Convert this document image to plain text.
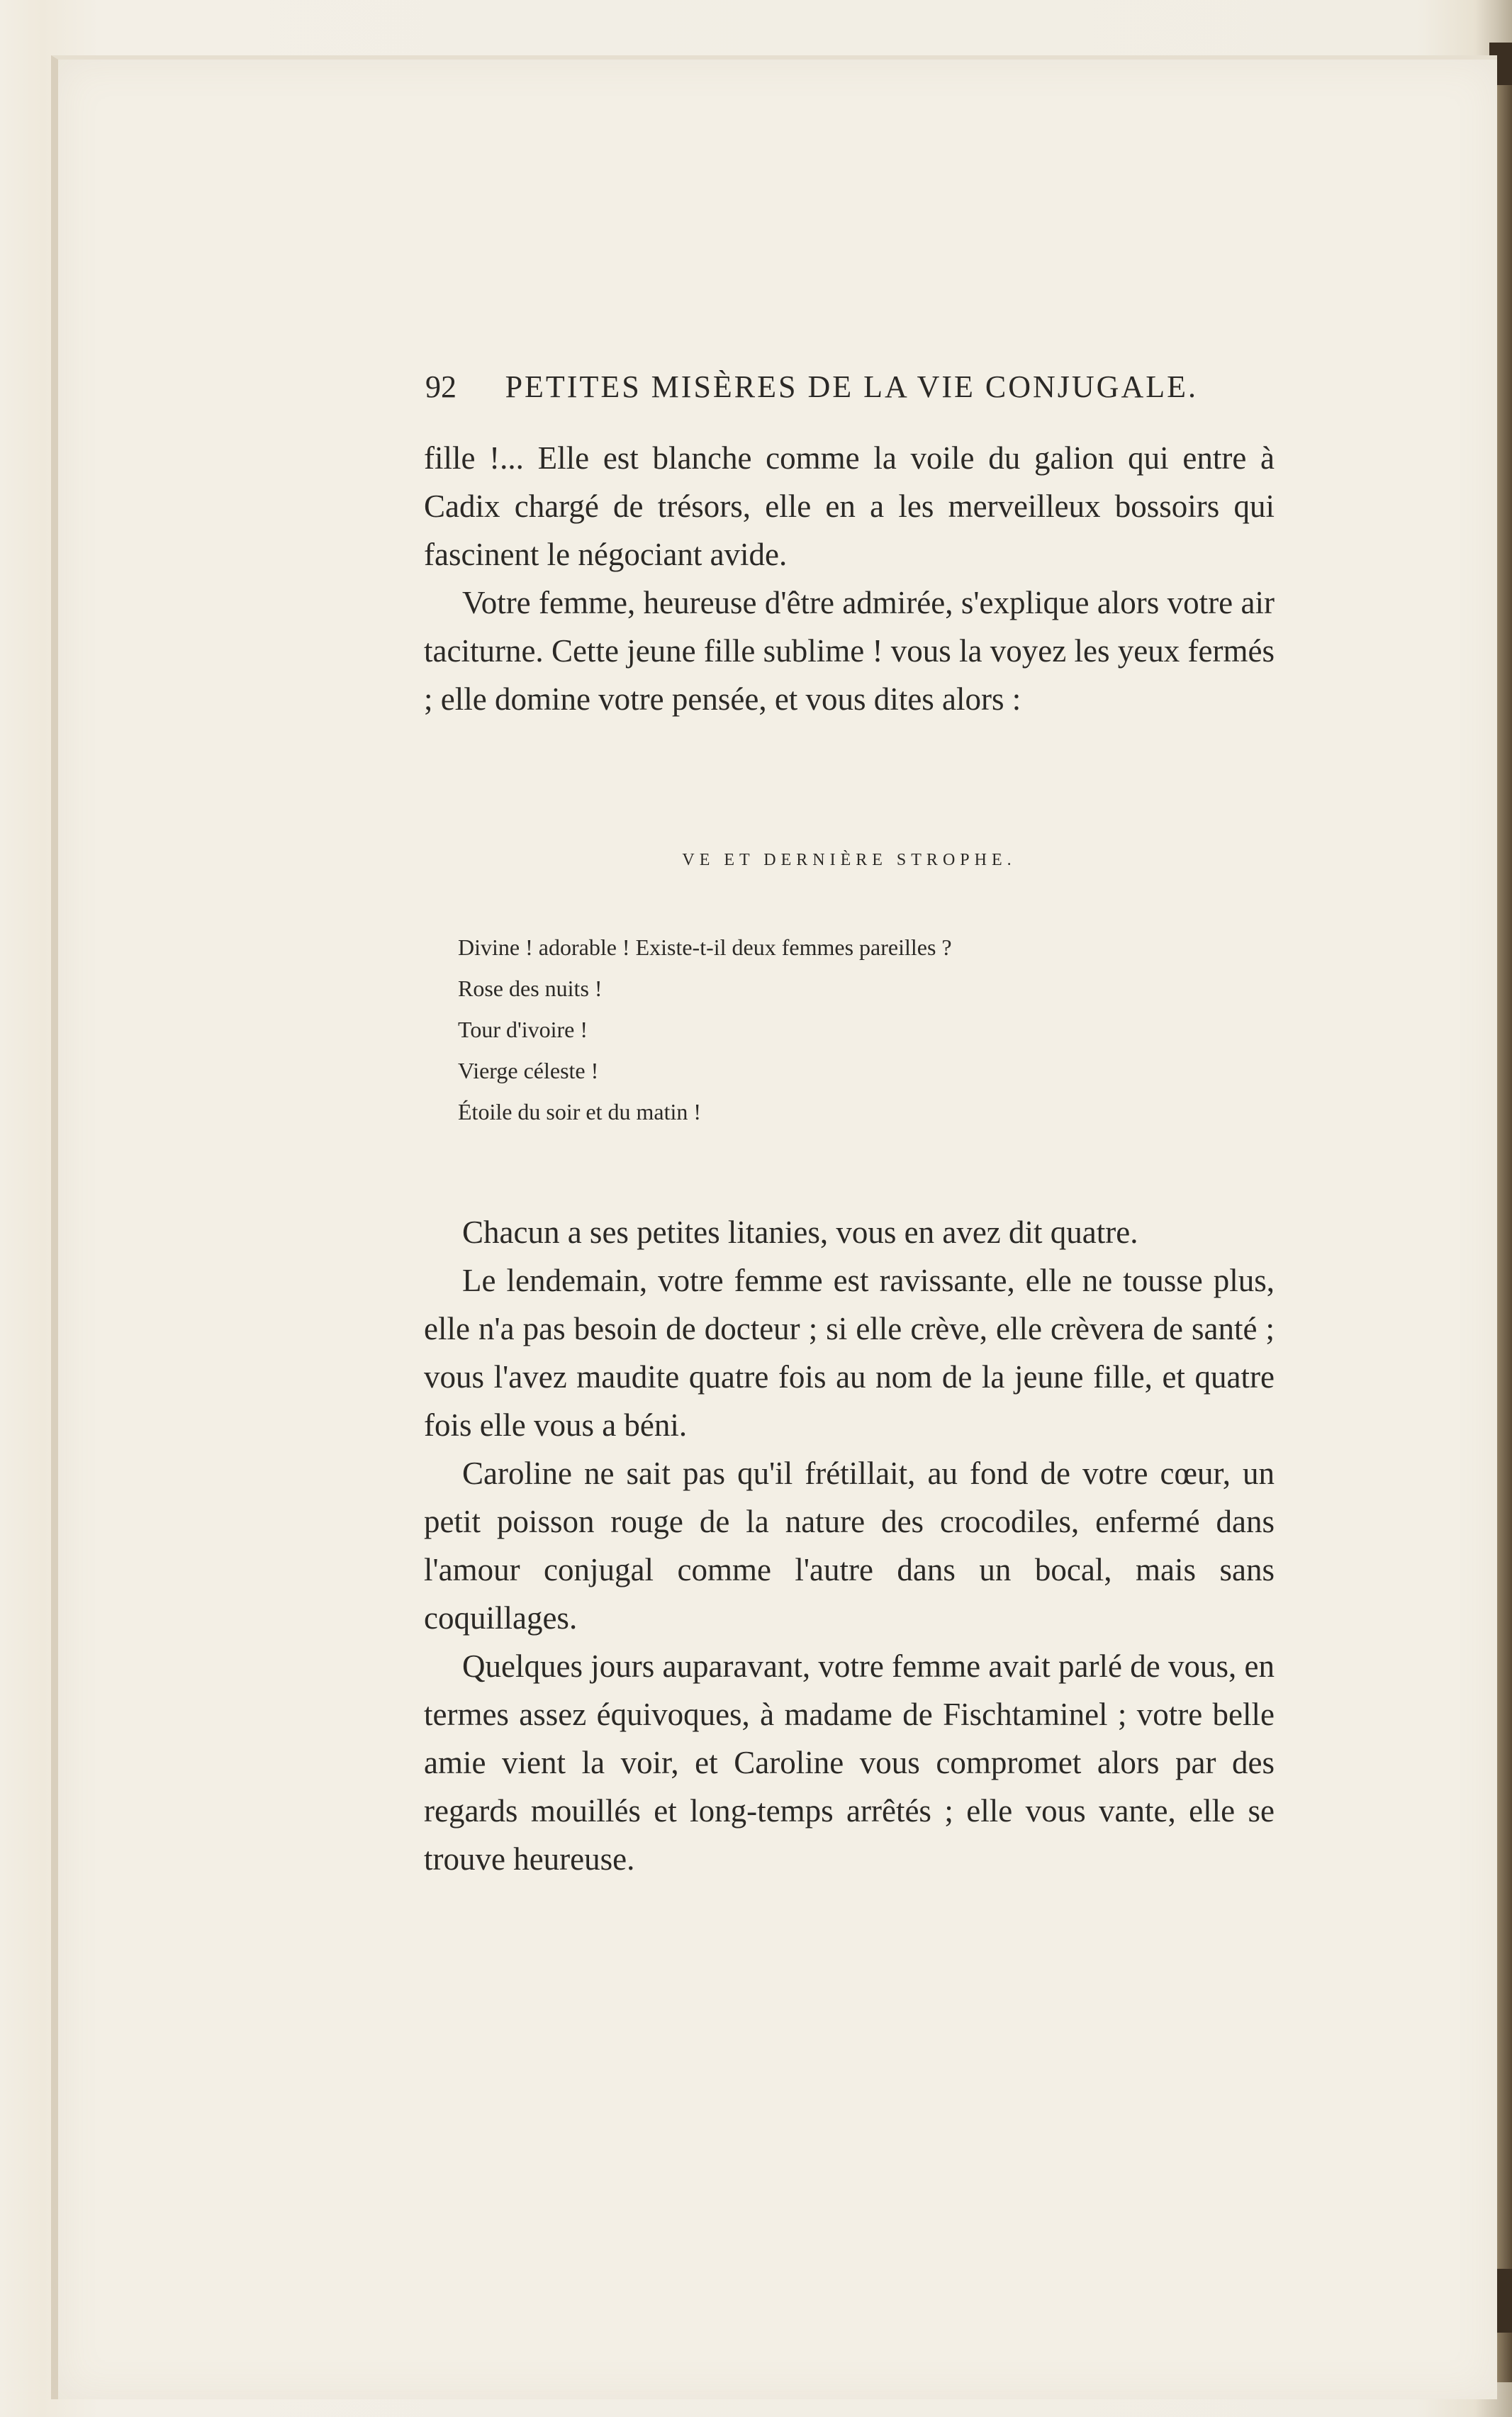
92 PETITES MISÈRES DE LA VIE CONJUGALE.

fille !... Elle est blanche comme la voile du galion qui entre à Cadix chargé de trésors, elle en a les merveilleux bossoirs qui fascinent le négociant avide.

Votre femme, heureuse d'être admirée, s'explique alors votre air taciturne. Cette jeune fille sublime ! vous la voyez les yeux fermés ; elle domine votre pensée, et vous dites alors :

VE ET DERNIÈRE STROPHE.
Divine ! adorable ! Existe-t-il deux femmes pareilles ?
Rose des nuits !
Tour d'ivoire !
Vierge céleste !
Étoile du soir et du matin !

Chacun a ses petites litanies, vous en avez dit quatre.

Le lendemain, votre femme est ravissante, elle ne tousse plus, elle n'a pas besoin de docteur ; si elle crève, elle crèvera de santé ; vous l'avez maudite quatre fois au nom de la jeune fille, et quatre fois elle vous a béni.

Caroline ne sait pas qu'il frétillait, au fond de votre cœur, un petit poisson rouge de la nature des crocodiles, enfermé dans l'amour conjugal comme l'autre dans un bocal, mais sans coquillages.

Quelques jours auparavant, votre femme avait parlé de vous, en termes assez équivoques, à madame de Fischtaminel ; votre belle amie vient la voir, et Caroline vous compromet alors par des regards mouillés et long-temps arrêtés ; elle vous vante, elle se trouve heureuse.
